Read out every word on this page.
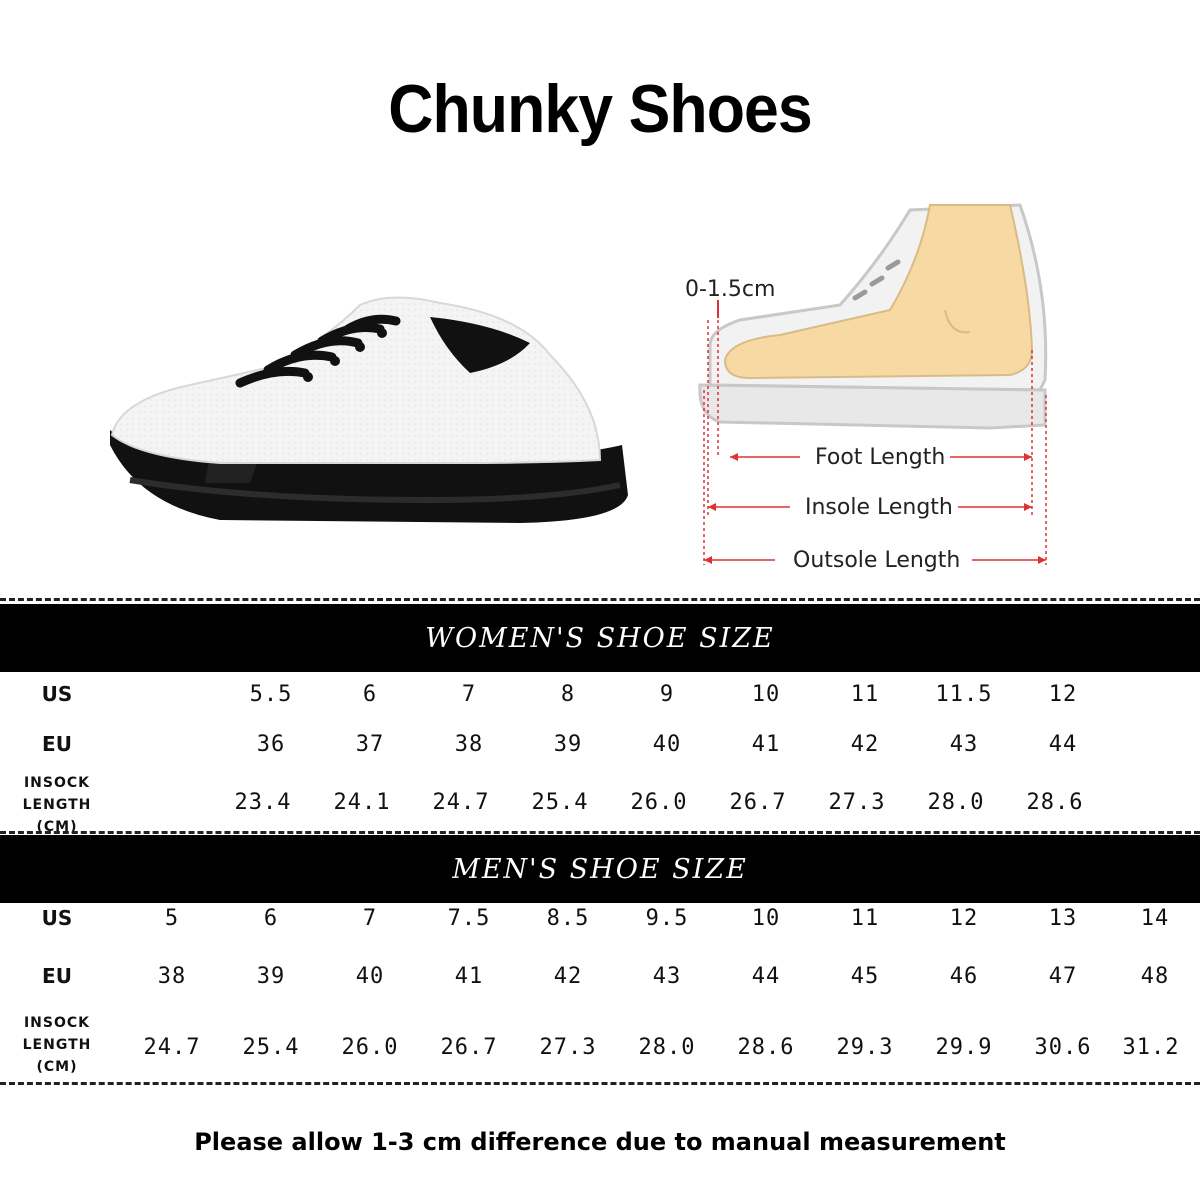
Chunky Shoes
0-1.5cm
Foot Length
Insole Length
Outsole Length
WOMEN'S SHOE SIZE
US	5.5	6	7	8	9	10	11	11.5	12
EU	36	37	38	39	40	41	42	43	44
INSOCK
LENGTH
(CM)
23.4	24.1	24.7	25.4	26.0	26.7	27.3	28.0	28.6
MEN'S SHOE SIZE
US	5	6	7	7.5	8.5	9.5	10	11	12	13	14
EU	38	39	40	41	42	43	44	45	46	47	48
INSOCK
LENGTH
(CM)
24.7	25.4	26.0	26.7	27.3	28.0	28.6	29.3	29.9	30.6	31.2
Please allow 1-3 cm difference due to manual measurement
